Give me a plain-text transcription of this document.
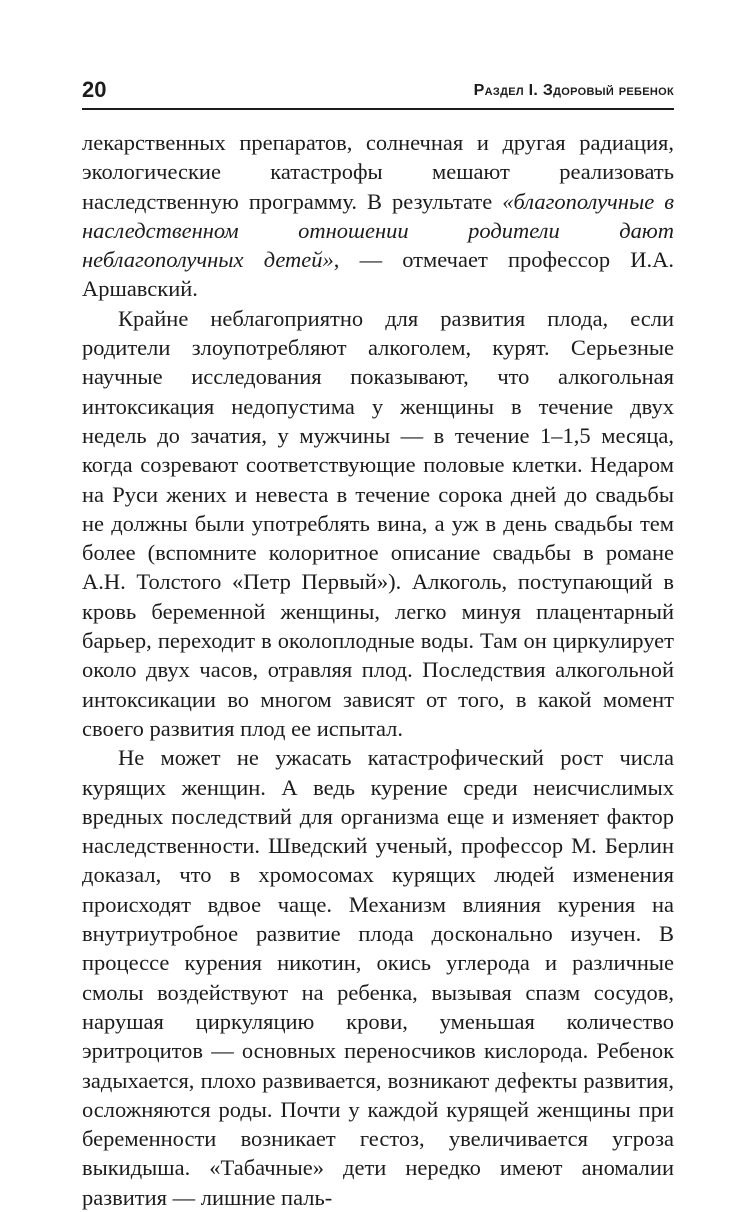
20	Раздел I. Здоровый ребенок

лекарственных препаратов, солнечная и другая радиация, экологические катастрофы мешают реализовать наследственную программу. В результате «благополучные в наследственном отношении родители дают неблагополучных детей», — отмечает профессор И.А. Аршавский.

Крайне неблагоприятно для развития плода, если родители злоупотребляют алкоголем, курят. Серьезные научные исследования показывают, что алкогольная интоксикация недопустима у женщины в течение двух недель до зачатия, у мужчины — в течение 1–1,5 месяца, когда созревают соответствующие половые клетки. Недаром на Руси жених и невеста в течение сорока дней до свадьбы не должны были употреблять вина, а уж в день свадьбы тем более (вспомните колоритное описание свадьбы в романе А.Н. Толстого «Петр Первый»). Алкоголь, поступающий в кровь беременной женщины, легко минуя плацентарный барьер, переходит в околоплодные воды. Там он циркулирует около двух часов, отравляя плод. Последствия алкогольной интоксикации во многом зависят от того, в какой момент своего развития плод ее испытал.

Не может не ужасать катастрофический рост числа курящих женщин. А ведь курение среди неисчислимых вредных последствий для организма еще и изменяет фактор наследственности. Шведский ученый, профессор М. Берлин доказал, что в хромосомах курящих людей изменения происходят вдвое чаще. Механизм влияния курения на внутриутробное развитие плода досконально изучен. В процессе курения никотин, окись углерода и различные смолы воздействуют на ребенка, вызывая спазм сосудов, нарушая циркуляцию крови, уменьшая количество эритроцитов — основных переносчиков кислорода. Ребенок задыхается, плохо развивается, возникают дефекты развития, осложняются роды. Почти у каждой курящей женщины при беременности возникает гестоз, увеличивается угроза выкидыша. «Табачные» дети нередко имеют аномалии развития — лишние паль-
